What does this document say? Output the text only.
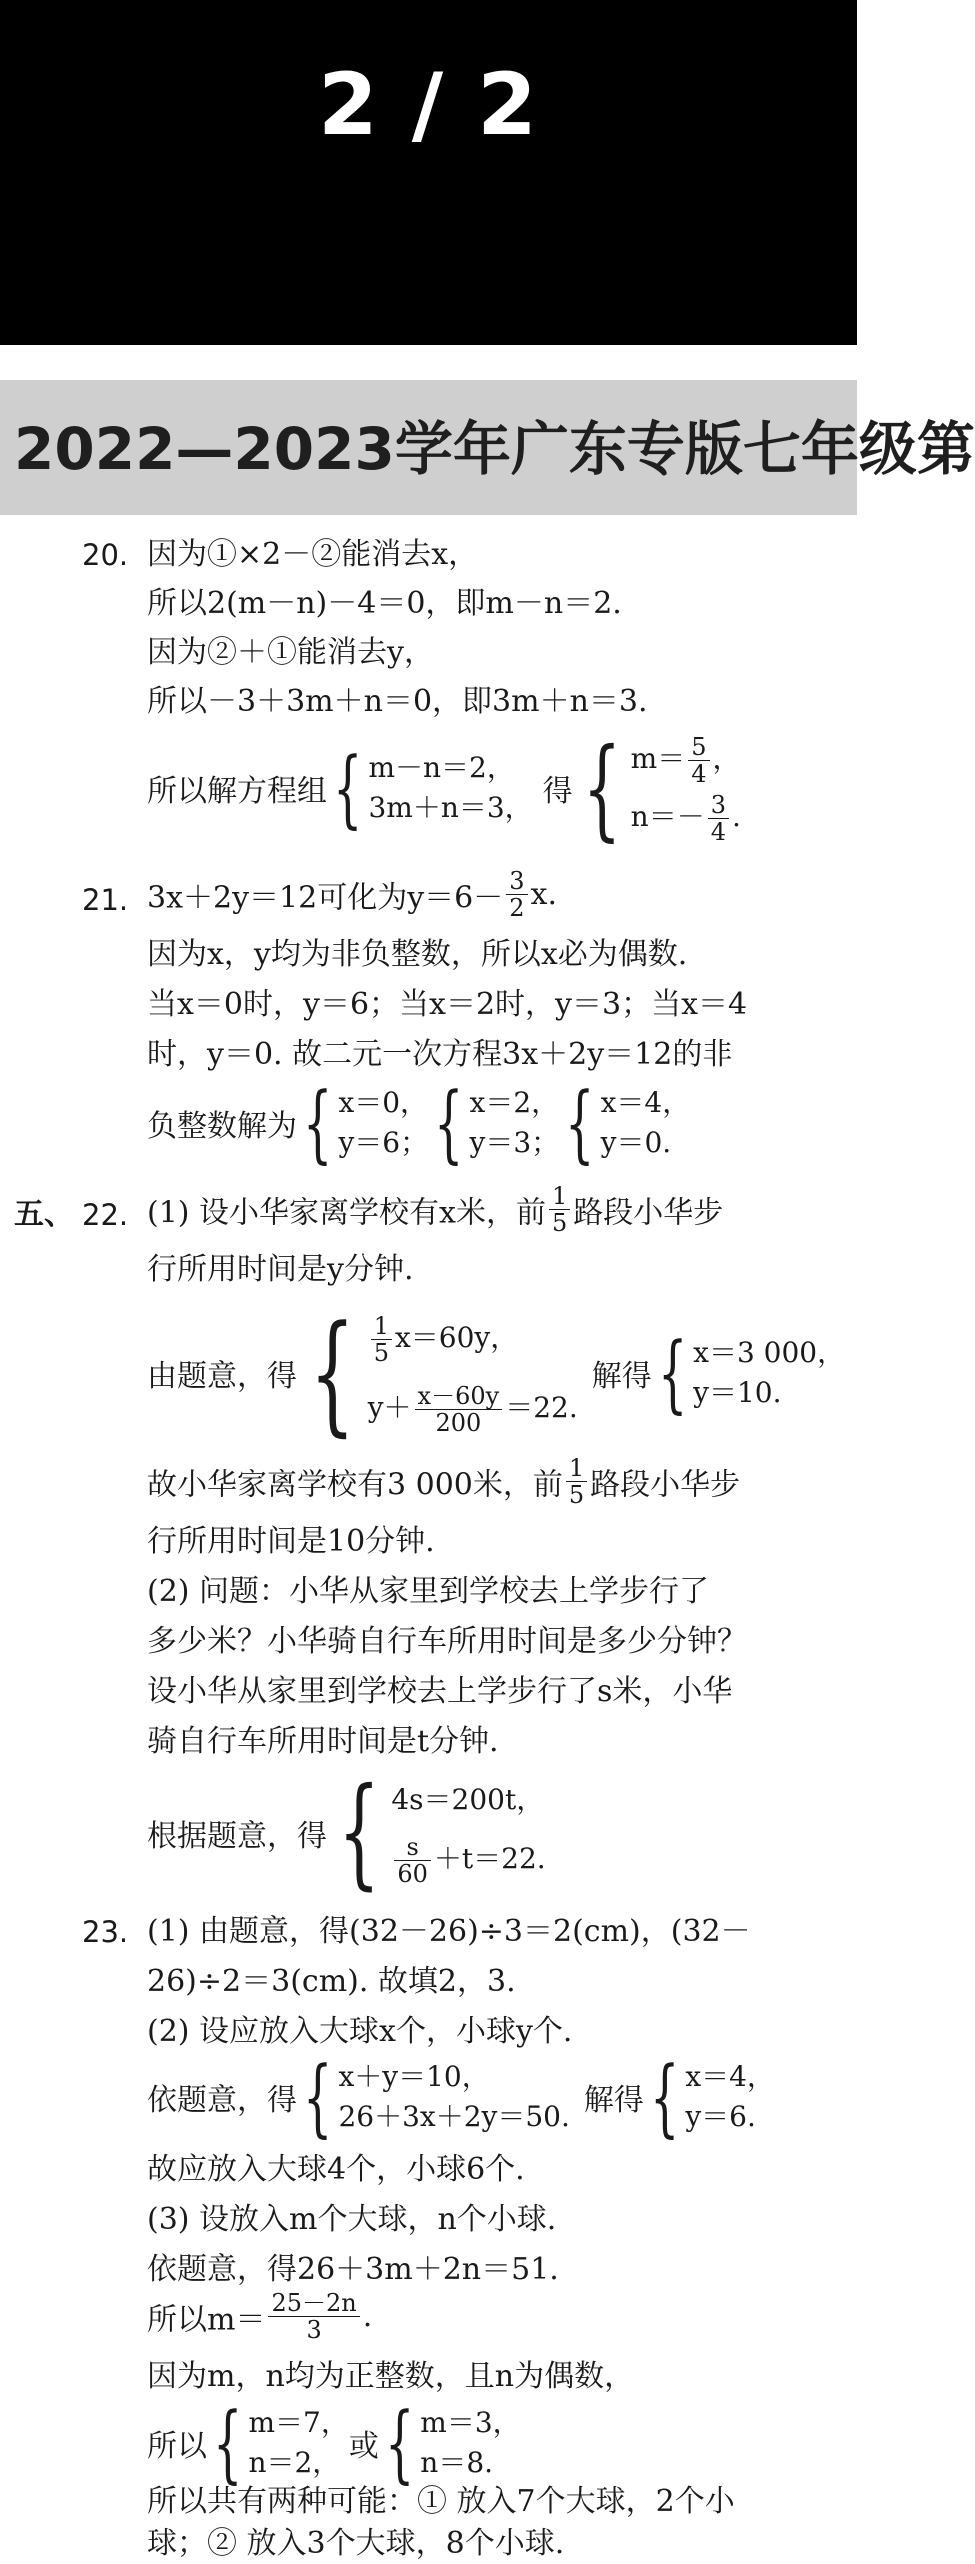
2 / 2
2022—2023学年广东专版七年级第
20. 因为①×2－②能消去x，
所以2(m－n)－4＝0，即m－n＝2.
因为②＋①能消去y，
所以－3＋3m＋n＝0，即3m＋n＝3.
所以解方程组{ m－n＝2，
3m＋n＝3， 得{ $m= \frac{5}{4}$ ，
$n=- \frac{3}{4}$ .
21. 3x＋2y＝12可化为$y=6- \frac{3}{2} x$.
因为x，y均为非负整数，所以x必为偶数.
当x＝0时，y＝6；当x＝2时，y＝3；当x＝4
时，y＝0. 故二元一次方程3x＋2y＝12的非
负整数解为{ x＝0，
y＝6； { x＝2，
y＝3； { x＝4，
y＝0.
五、 22. (1) 设小华家离学校有x米，前 $\frac{1}{5}$ 路段小华步
行所用时间是y分钟.
由题意，得{ $\frac{1}{5} x=60y$，
$y+ \frac{x-60y}{200} =22$.
解得{ x＝3 000，
y＝10.
故小华家离学校有3 000米，前 $\frac{1}{5}$ 路段小华步
行所用时间是10分钟.
(2) 问题：小华从家里到学校去上学步行了
多少米？小华骑自行车所用时间是多少分钟？
设小华从家里到学校去上学步行了s米，小华
骑自行车所用时间是t分钟.
根据题意，得{ 4s＝200t，
$\frac{s}{60} +t=22$.
23. (1) 由题意，得(32－26)÷3＝2(cm)，(32－
26)÷2＝3(cm). 故填2，3.
(2) 设应放入大球x个，小球y个.
依题意，得{ x＋y＝10，
26＋3x＋2y＝50. 解得{ x＝4，
y＝6.
故应放入大球4个，小球6个.
(3) 设放入m个大球，n个小球.
依题意，得26＋3m＋2n＝51.
所以$m= \frac{25-2n}{3}$ .
因为m，n均为正整数，且n为偶数，
所以{ m＝7，
n＝2， 或{ m＝3，
n＝8.
所以共有两种可能：① 放入7个大球，2个小
球；② 放入3个大球，8个小球.
